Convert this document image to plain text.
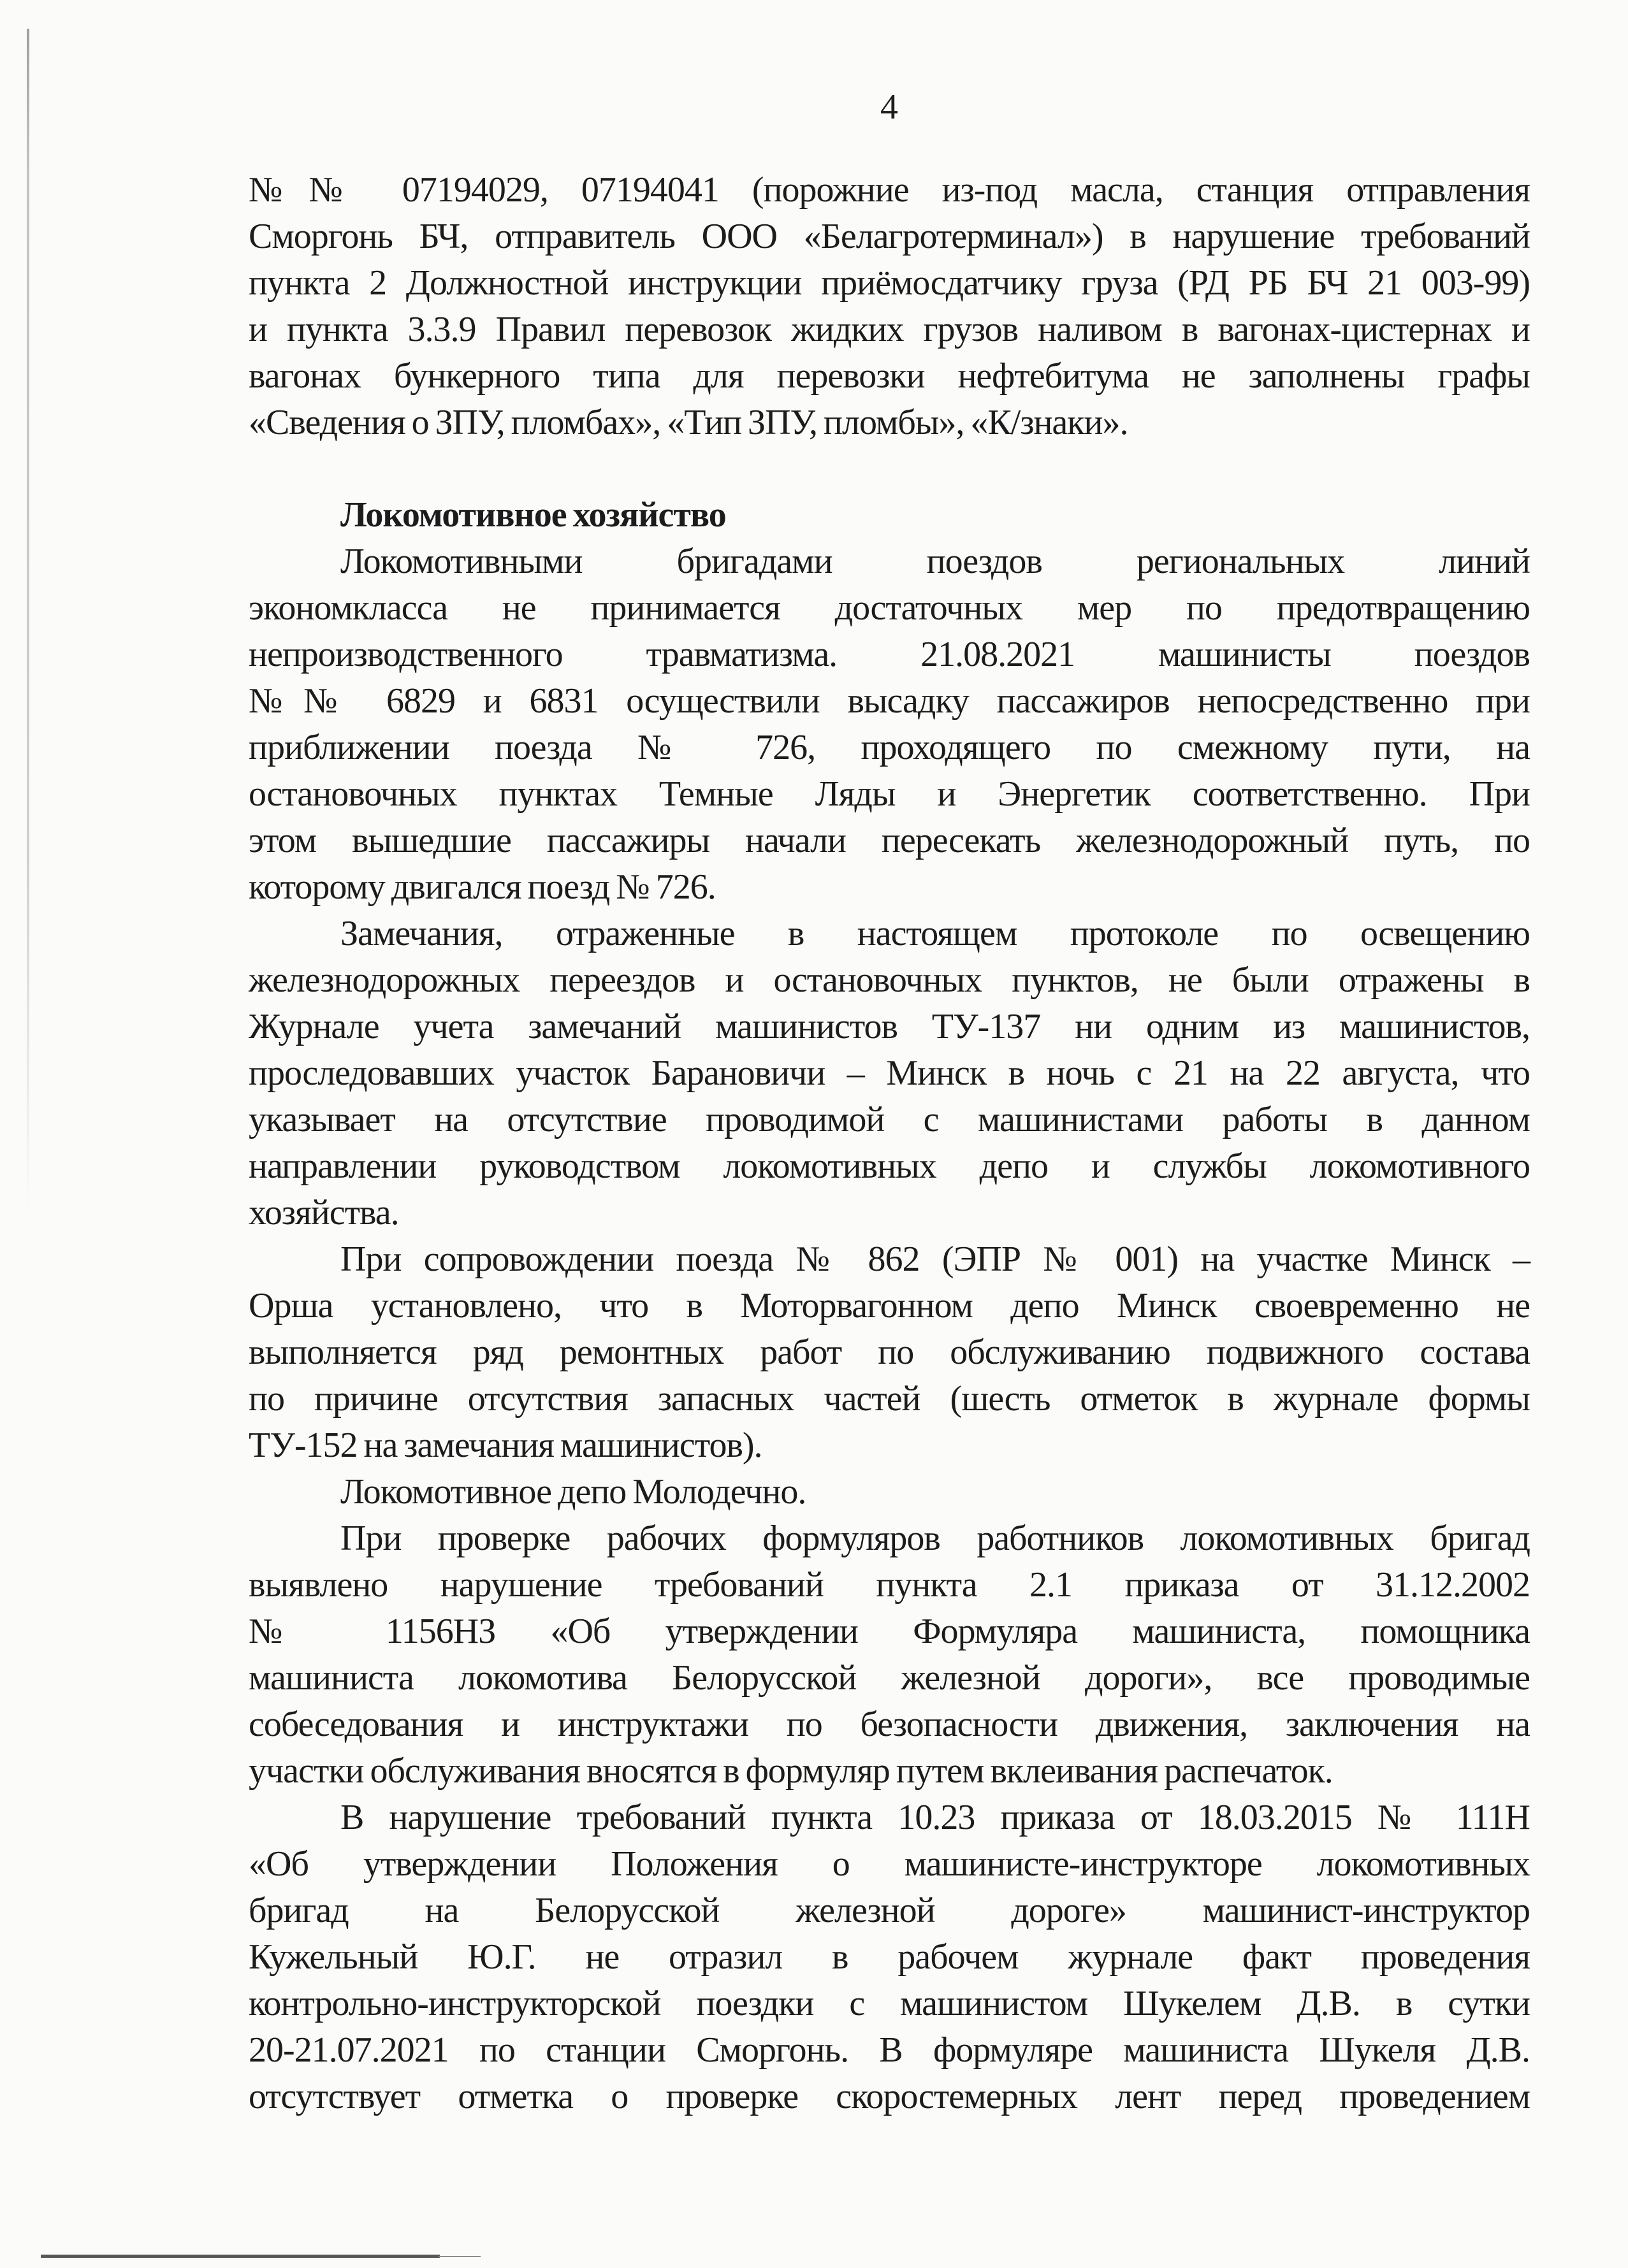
4
№№ 07194029, 07194041 (порожние из-под масла, станция отправления
Сморгонь БЧ, отправитель ООО «Белагротерминал») в нарушение требований
пункта 2 Должностной инструкции приёмосдатчику груза (РД РБ БЧ 21 003-99)
и пункта 3.3.9 Правил перевозок жидких грузов наливом в вагонах-цистернах и
вагонах бункерного типа для перевозки нефтебитума не заполнены графы
«Сведения о ЗПУ, пломбах», «Тип ЗПУ, пломбы», «К/знаки».
Локомотивное хозяйство
Локомотивными бригадами поездов региональных линий
экономкласса не принимается достаточных мер по предотвращению
непроизводственного травматизма. 21.08.2021 машинисты поездов
№№ 6829 и 6831 осуществили высадку пассажиров непосредственно при
приближении поезда № 726, проходящего по смежному пути, на
остановочных пунктах Темные Ляды и Энергетик соответственно. При
этом вышедшие пассажиры начали пересекать железнодорожный путь, по
которому двигался поезд № 726.
Замечания, отраженные в настоящем протоколе по освещению
железнодорожных переездов и остановочных пунктов, не были отражены в
Журнале учета замечаний машинистов ТУ-137 ни одним из машинистов,
проследовавших участок Барановичи – Минск в ночь с 21 на 22 августа, что
указывает на отсутствие проводимой с машинистами работы в данном
направлении руководством локомотивных депо и службы локомотивного
хозяйства.
При сопровождении поезда № 862 (ЭПР № 001) на участке Минск –
Орша установлено, что в Моторвагонном депо Минск своевременно не
выполняется ряд ремонтных работ по обслуживанию подвижного состава
по причине отсутствия запасных частей (шесть отметок в журнале формы
ТУ-152 на замечания машинистов).
Локомотивное депо Молодечно.
При проверке рабочих формуляров работников локомотивных бригад
выявлено нарушение требований пункта 2.1 приказа от 31.12.2002
№ 1156НЗ «Об утверждении Формуляра машиниста, помощника
машиниста локомотива Белорусской железной дороги», все проводимые
собеседования и инструктажи по безопасности движения, заключения на
участки обслуживания вносятся в формуляр путем вклеивания распечаток.
В нарушение требований пункта 10.23 приказа от 18.03.2015 № 111Н
«Об утверждении Положения о машинисте-инструкторе локомотивных
бригад на Белорусской железной дороге» машинист-инструктор
Кужельный Ю.Г. не отразил в рабочем журнале факт проведения
контрольно-инструкторской поездки с машинистом Шукелем Д.В. в сутки
20-21.07.2021 по станции Сморгонь. В формуляре машиниста Шукеля Д.В.
отсутствует отметка о проверке скоростемерных лент перед проведением
